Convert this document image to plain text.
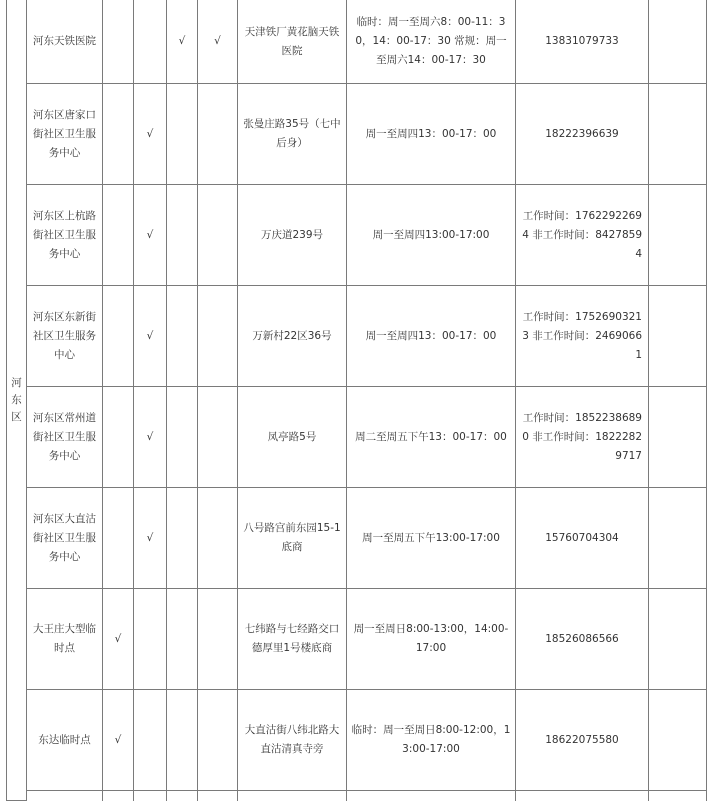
河东区	河东天铁医院			√	√	天津铁厂黄花脑天铁医院	临时：周一至周六8：00-11：30，14：00-17：30 常规：周一至周六14：00-17：30	13831079733	
	河东区唐家口街社区卫生服务中心		√			张曼庄路35号（七中后身）	周一至周四13：00-17：00	18222396639	
	河东区上杭路街社区卫生服务中心		√			万庆道239号	周一至周四13:00-17:00	工作时间：17622922694 非工作时间：84278594	
	河东区东新街社区卫生服务中心		√			万新村22区36号	周一至周四13：00-17：00	工作时间：17526903213 非工作时间：24690661	
	河东区常州道街社区卫生服务中心		√			凤亭路5号	周二至周五下午13：00-17：00	工作时间：18522386890 非工作时间：18222829717	
	河东区大直沽街社区卫生服务中心		√			八号路宫前东园15-1底商	周一至周五下午13:00-17:00	15760704304	
	大王庄大型临时点	√				七纬路与七经路交口德厚里1号楼底商	周一至周日8:00-13:00，14:00-17:00	18526086566	
	东达临时点	√				大直沽街八纬北路大直沽清真寺旁	临时：周一至周日8:00-12:00，13:00-17:00	18622075580	
